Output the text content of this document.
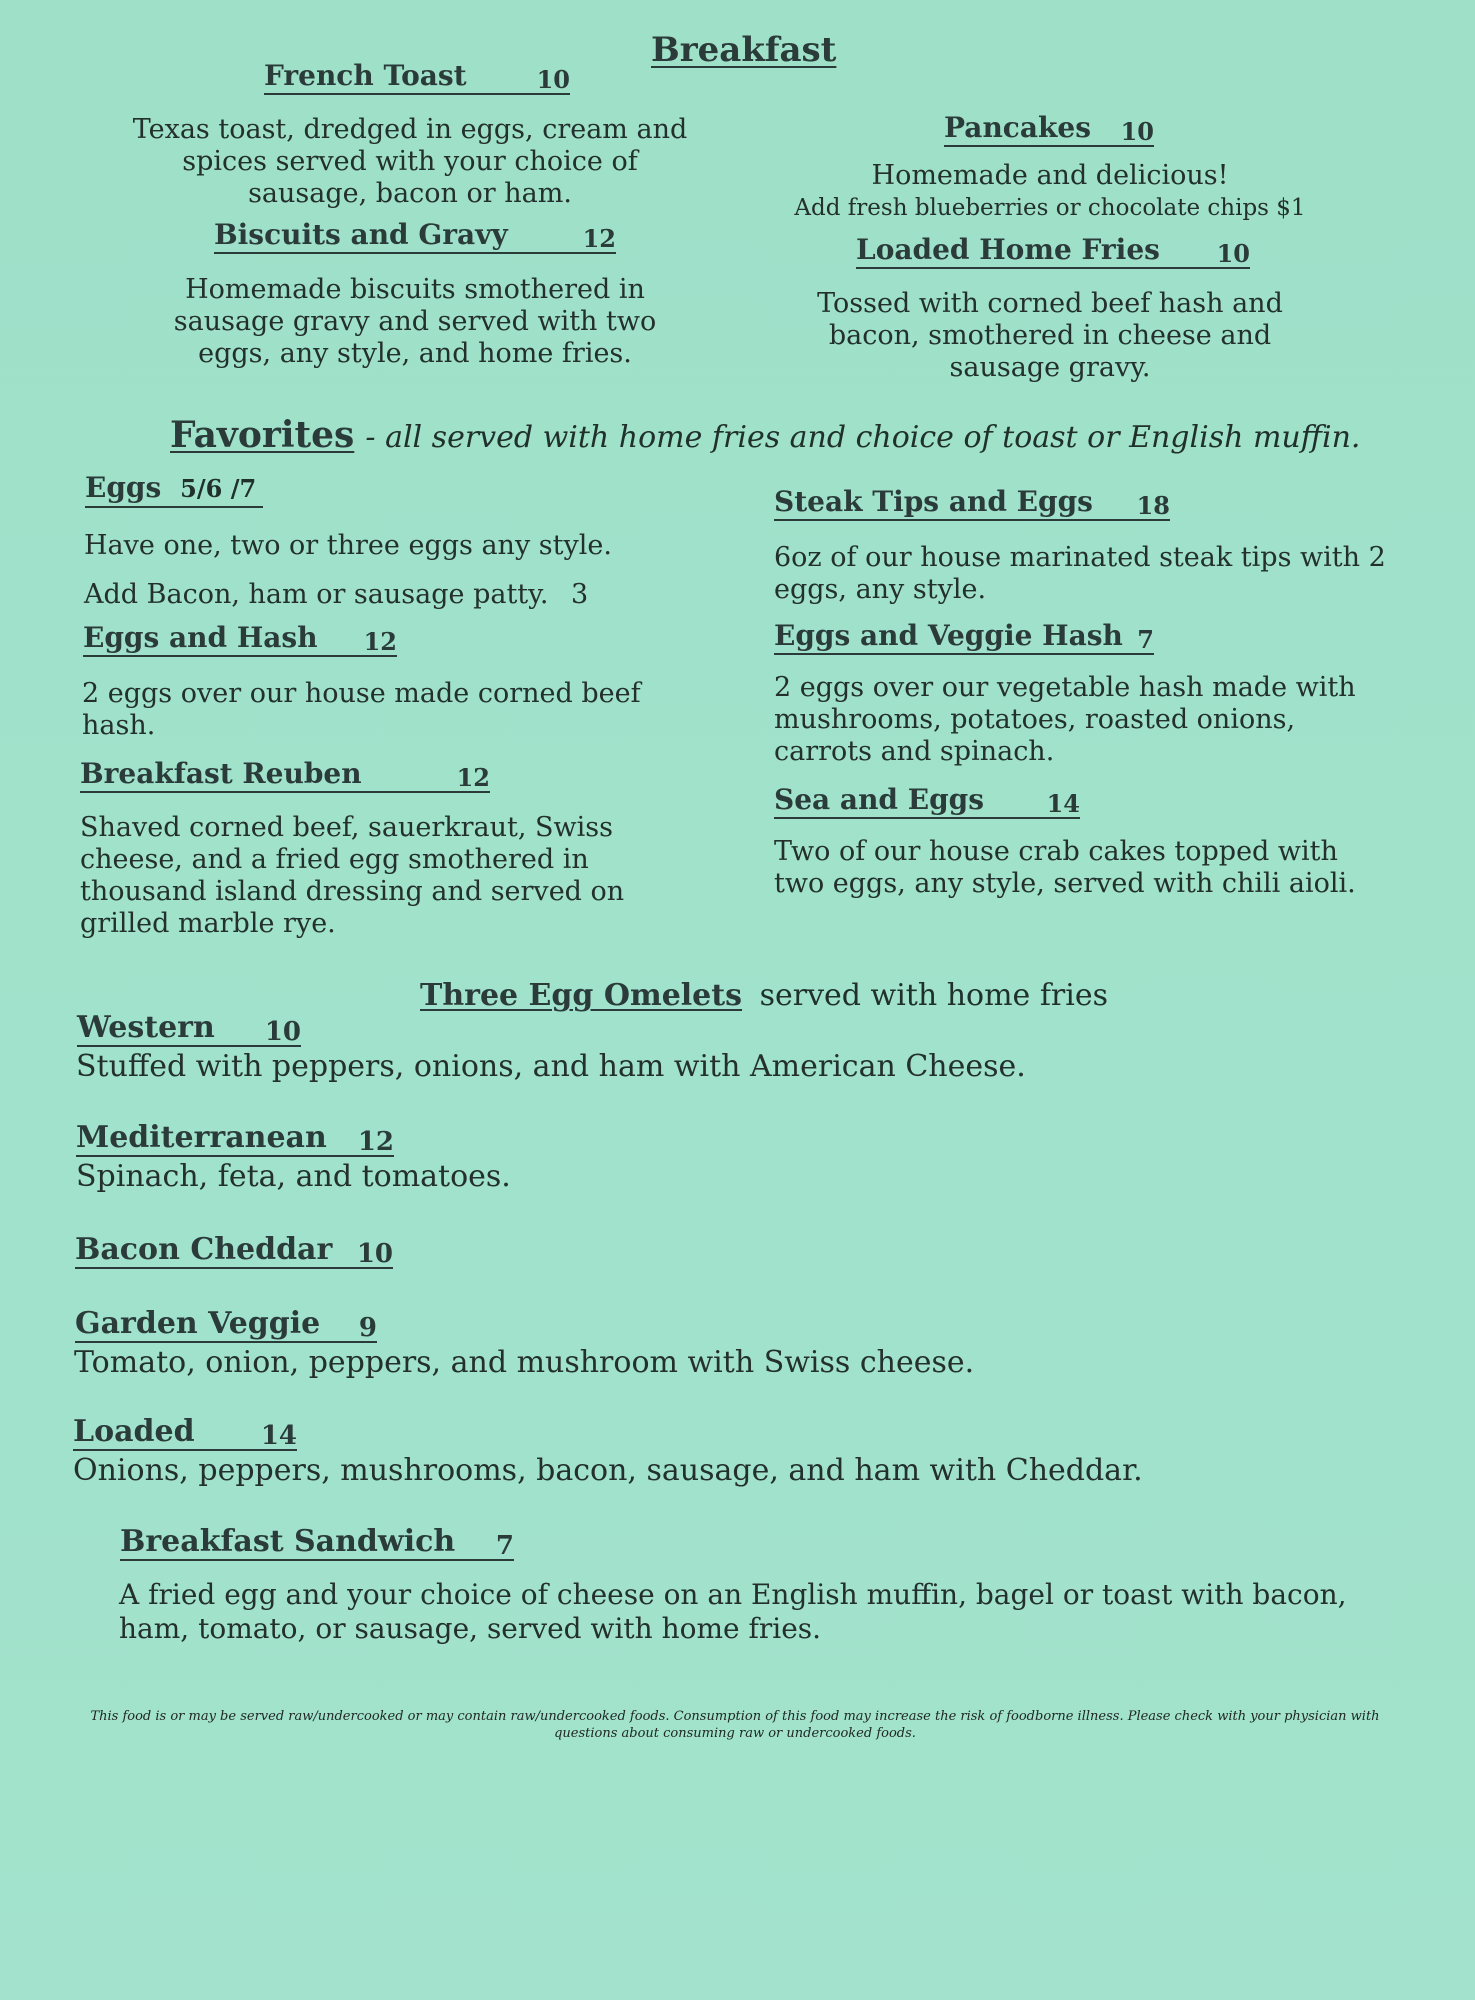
Breakfast
French Toast	10
Texas toast, dredged in eggs, cream and spices served with your choice of sausage, bacon or ham.
Pancakes 10
Homemade and delicious!
Add fresh blueberries or chocolate chips $1
Biscuits and Gravy	12
Homemade biscuits smothered in sausage gravy and served with two eggs, any style, and home fries.
Loaded Home Fries 10
Tossed with corned beef hash and bacon, smothered in cheese and sausage gravy.
Favorites - all served with home fries and choice of toast or English muffin.
Eggs 5/6 /7
Have one, two or three eggs any style.
Add Bacon, ham or sausage patty. 3
Steak Tips and Eggs 18
6oz of our house marinated steak tips with 2 eggs, any style.
Eggs and Hash 12
2 eggs over our house made corned beef hash.
Eggs and Veggie Hash 7
2 eggs over our vegetable hash made with mushrooms, potatoes, roasted onions, carrots and spinach.
Breakfast Reuben	12
Shaved corned beef, sauerkraut, Swiss cheese, and a fried egg smothered in thousand island dressing and served on grilled marble rye.
Sea and Eggs	14
Two of our house crab cakes topped with two eggs, any style, served with chili aioli.
Three Egg Omelets served with home fries
Western 10
Stuffed with peppers, onions, and ham with American Cheese.
Mediterranean 12
Spinach, feta, and tomatoes.
Bacon Cheddar 10
Garden Veggie 9
Tomato, onion, peppers, and mushroom with Swiss cheese.
Loaded	14
Onions, peppers, mushrooms, bacon, sausage, and ham with Cheddar.
Breakfast Sandwich 7
A fried egg and your choice of cheese on an English muffin, bagel or toast with bacon, ham, tomato, or sausage, served with home fries.
This food is or may be served raw/undercooked or may contain raw/undercooked foods. Consumption of this food may increase the risk of foodborne illness. Please check with your physician with questions about consuming raw or undercooked foods.
